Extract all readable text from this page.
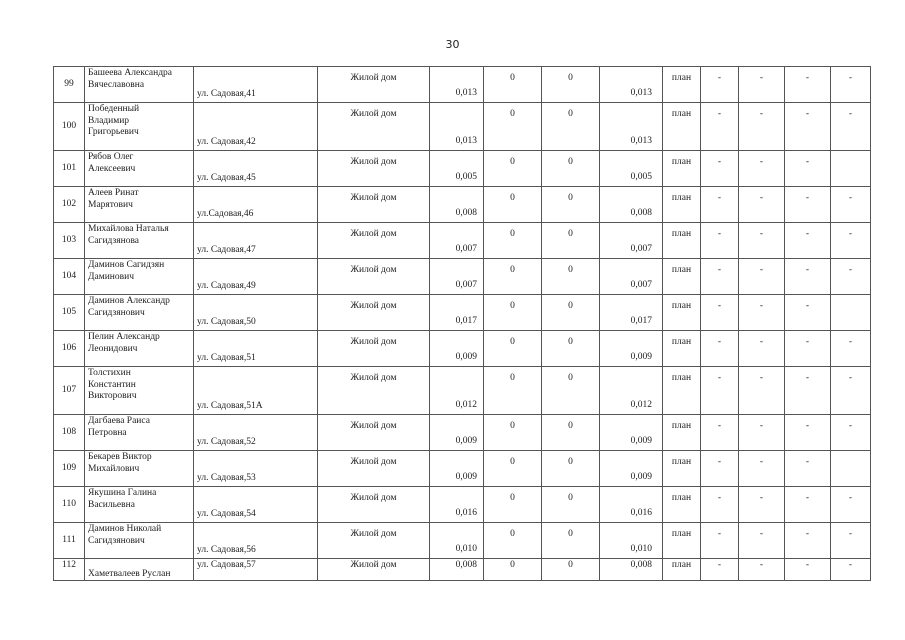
30
99	Башеева Александра
Вячеславовна	ул. Садовая,41	Жилой дом	0,013	0	0	0,013	план	-	-	-	-
100	Победенный
Владимир
Григорьевич	ул. Садовая,42	Жилой дом	0,013	0	0	0,013	план	-	-	-	-
101	Рябов Олег
Алексеевич	ул. Садовая,45	Жилой дом	0,005	0	0	0,005	план	-	-	-	
102	Алеев Ринат
Марятович	ул.Садовая,46	Жилой дом	0,008	0	0	0,008	план	-	-	-	-
103	Михайлова Наталья
Сагидзянова	ул. Садовая,47	Жилой дом	0,007	0	0	0,007	план	-	-	-	-
104	Даминов Сагидзян
Даминович	ул. Садовая,49	Жилой дом	0,007	0	0	0,007	план	-	-	-	-
105	Даминов Александр
Сагидзянович	ул. Садовая,50	Жилой дом	0,017	0	0	0,017	план	-	-	-	
106	Пелин Александр
Леонидович	ул. Садовая,51	Жилой дом	0,009	0	0	0,009	план	-	-	-	-
107	Толстихин
Константин
Викторович	ул. Садовая,51А	Жилой дом	0,012	0	0	0,012	план	-	-	-	-
108	Дагбаева Раиса
Петровна	ул. Садовая,52	Жилой дом	0,009	0	0	0,009	план	-	-	-	-
109	Бекарев Виктор
Михайлович	ул. Садовая,53	Жилой дом	0,009	0	0	0,009	план	-	-	-	
110	Якушина Галина
Васильевна	ул. Садовая,54	Жилой дом	0,016	0	0	0,016	план	-	-	-	-
111	Даминов Николай
Сагидзянович	ул. Садовая,56	Жилой дом	0,010	0	0	0,010	план	-	-	-	-
112	Хаметвалеев Руслан	ул. Садовая,57	Жилой дом	0,008	0	0	0,008	план	-	-	-	-
